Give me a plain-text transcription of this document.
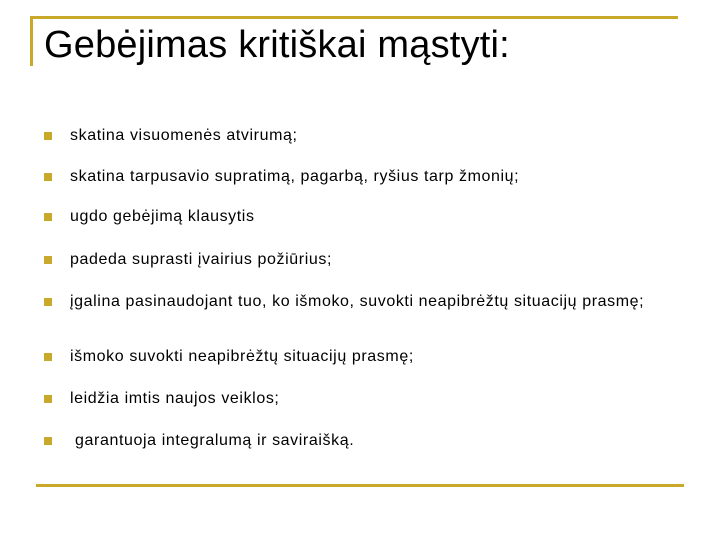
Gebėjimas kritiškai mąstyti:
skatina visuomenės atvirumą;
skatina tarpusavio supratimą, pagarbą, ryšius tarp žmonių;
ugdo gebėjimą klausytis
padeda suprasti įvairius požiūrius;
įgalina pasinaudojant tuo, ko išmoko, suvokti neapibrėžtų situacijų prasmę;
išmoko suvokti neapibrėžtų situacijų prasmę;
leidžia imtis naujos veiklos;
garantuoja integralumą ir saviraišką.
